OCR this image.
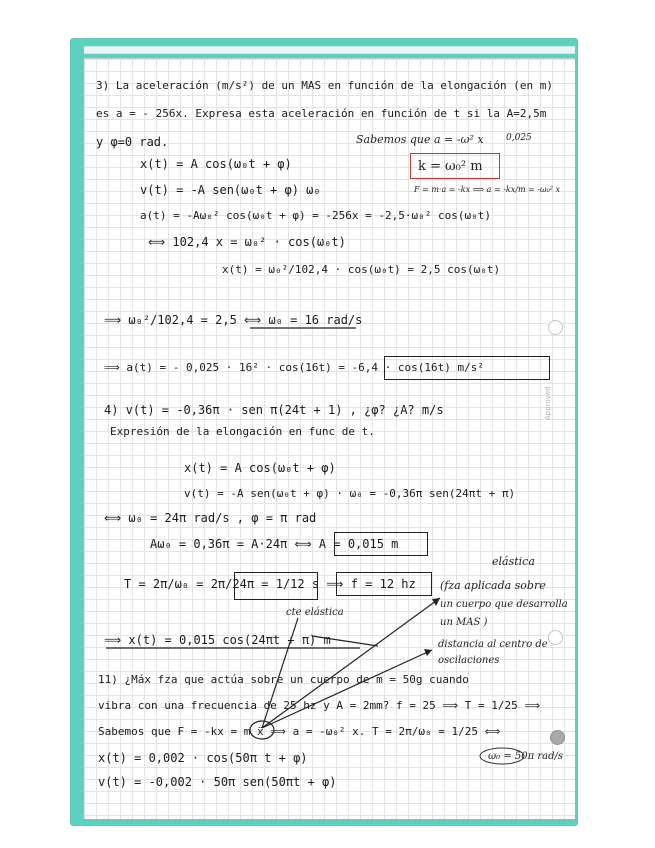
Approved

3) La aceleración (m/s²) de un MAS en función de la elongación (en m)

es a = - 256x. Expresa esta aceleración en función de t si la A=2,5m

y φ=0 rad.

x(t) = A cos(ω₀t + φ)

v(t) = -A sen(ω₀t + φ) ω₀

a(t) = -Aω₀² cos(ω₀t + φ) = -256x = -2,5·ω₀² cos(ω₀t)

⟺ 102,4 x = ω₀² · cos(ω₀t)

x(t) = ω₀²/102,4 · cos(ω₀t) = 2,5 cos(ω₀t)

⟹ ω₀²/102,4 = 2,5 ⟺ ω₀ = 16 rad/s

⟹ a(t) = - 0,025 · 16² · cos(16t) = -6,4 · cos(16t) m/s²

4) v(t) = -0,36π · sen π(24t + 1) , ¿φ? ¿A? m/s

Expresión de la elongación en func de t.

x(t) = A cos(ω₀t + φ)

v(t) = -A sen(ω₀t + φ) · ω₀ = -0,36π sen(24πt + π)

⟺ ω₀ = 24π rad/s , φ = π rad

Aω₀ = 0,36π = A·24π ⟺ A = 0,015 m

T = 2π/ω₀ = 2π/24π = 1/12 s ⟹ f = 12 hz

⟹ x(t) = 0,015 cos(24πt + π) m

11) ¿Máx fza que actúa sobre un cuerpo de m = 50g cuando

vibra con una frecuencia de 25 hz y A = 2mm? f = 25 ⟹ T = 1/25 ⟹

Sabemos que F = -kx = m ẍ ⟹ a = -ω₀² x. T = 2π/ω₀ = 1/25 ⟺

x(t) = 0,002 · cos(50π t + φ)

v(t) = -0,002 · 50π sen(50πt + φ)

Sabemos que a = -ω² x 0,025

k = ω₀² m

F = m·a = -kx ⟹ a = -kx/m = -ω₀² x

elástica

(fza aplicada sobre

un cuerpo que desarrolla

un MAS )

cte elástica

distancia al centro de

oscilaciones

ω₀ = 50π rad/s
